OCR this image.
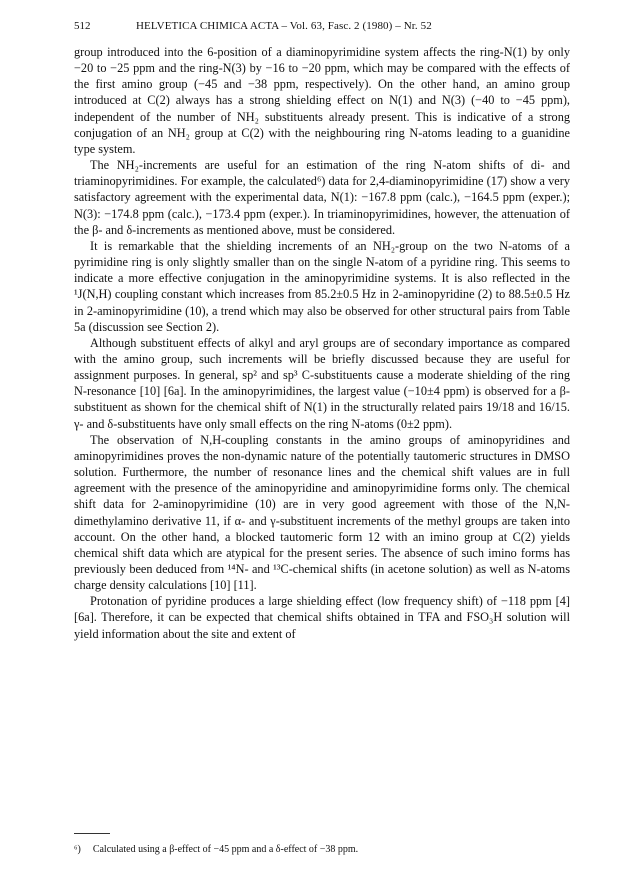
512	HELVETICA CHIMICA ACTA – Vol. 63, Fasc. 2 (1980) – Nr. 52

group introduced into the 6-position of a diaminopyrimidine system affects the ring-N(1) by only −20 to −25 ppm and the ring-N(3) by −16 to −20 ppm, which may be compared with the effects of the first amino group (−45 and −38 ppm, respectively). On the other hand, an amino group introduced at C(2) always has a strong shielding effect on N(1) and N(3) (−40 to −45 ppm), independent of the number of NH₂ substituents already present. This is indicative of a strong conjugation of an NH₂ group at C(2) with the neighbouring ring N-atoms leading to a guanidine type system.

The NH₂-increments are useful for an estimation of the ring N-atom shifts of di- and triaminopyrimidines. For example, the calculated⁶) data for 2,4-diaminopyrimidine (17) show a very satisfactory agreement with the experimental data, N(1): −167.8 ppm (calc.), −164.5 ppm (exper.); N(3): −174.8 ppm (calc.), −173.4 ppm (exper.). In triaminopyrimidines, however, the attenuation of the β- and δ-increments as mentioned above, must be considered.

It is remarkable that the shielding increments of an NH₂-group on the two N-atoms of a pyrimidine ring is only slightly smaller than on the single N-atom of a pyridine ring. This seems to indicate a more effective conjugation in the aminopyrimidine systems. It is also reflected in the ¹J(N,H) coupling constant which increases from 85.2±0.5 Hz in 2-aminopyridine (2) to 88.5±0.5 Hz in 2-aminopyrimidine (10), a trend which may also be observed for other structural pairs from Table 5a (discussion see Section 2).

Although substituent effects of alkyl and aryl groups are of secondary importance as compared with the amino group, such increments will be briefly discussed because they are useful for assignment purposes. In general, sp² and sp³ C-substituents cause a moderate shielding of the ring N-resonance [10] [6a]. In the aminopyrimidines, the largest value (−10±4 ppm) is observed for a β-substituent as shown for the chemical shift of N(1) in the structurally related pairs 19/18 and 16/15. γ- and δ-substituents have only small effects on the ring N-atoms (0±2 ppm).

The observation of N,H-coupling constants in the amino groups of aminopyridines and aminopyrimidines proves the non-dynamic nature of the potentially tautomeric structures in DMSO solution. Furthermore, the number of resonance lines and the chemical shift values are in full agreement with the presence of the aminopyridine and aminopyrimidine forms only. The chemical shift data for 2-aminopyrimidine (10) are in very good agreement with those of the N,N-dimethylamino derivative 11, if α- and γ-substituent increments of the methyl groups are taken into account. On the other hand, a blocked tautomeric form 12 with an imino group at C(2) yields chemical shift data which are atypical for the present series. The absence of such imino forms has previously been deduced from ¹⁴N- and ¹³C-chemical shifts (in acetone solution) as well as N-atoms charge density calculations [10] [11].

Protonation of pyridine produces a large shielding effect (low frequency shift) of −118 ppm [4] [6a]. Therefore, it can be expected that chemical shifts obtained in TFA and FSO₃H solution will yield information about the site and extent of

⁶) Calculated using a β-effect of −45 ppm and a δ-effect of −38 ppm.
